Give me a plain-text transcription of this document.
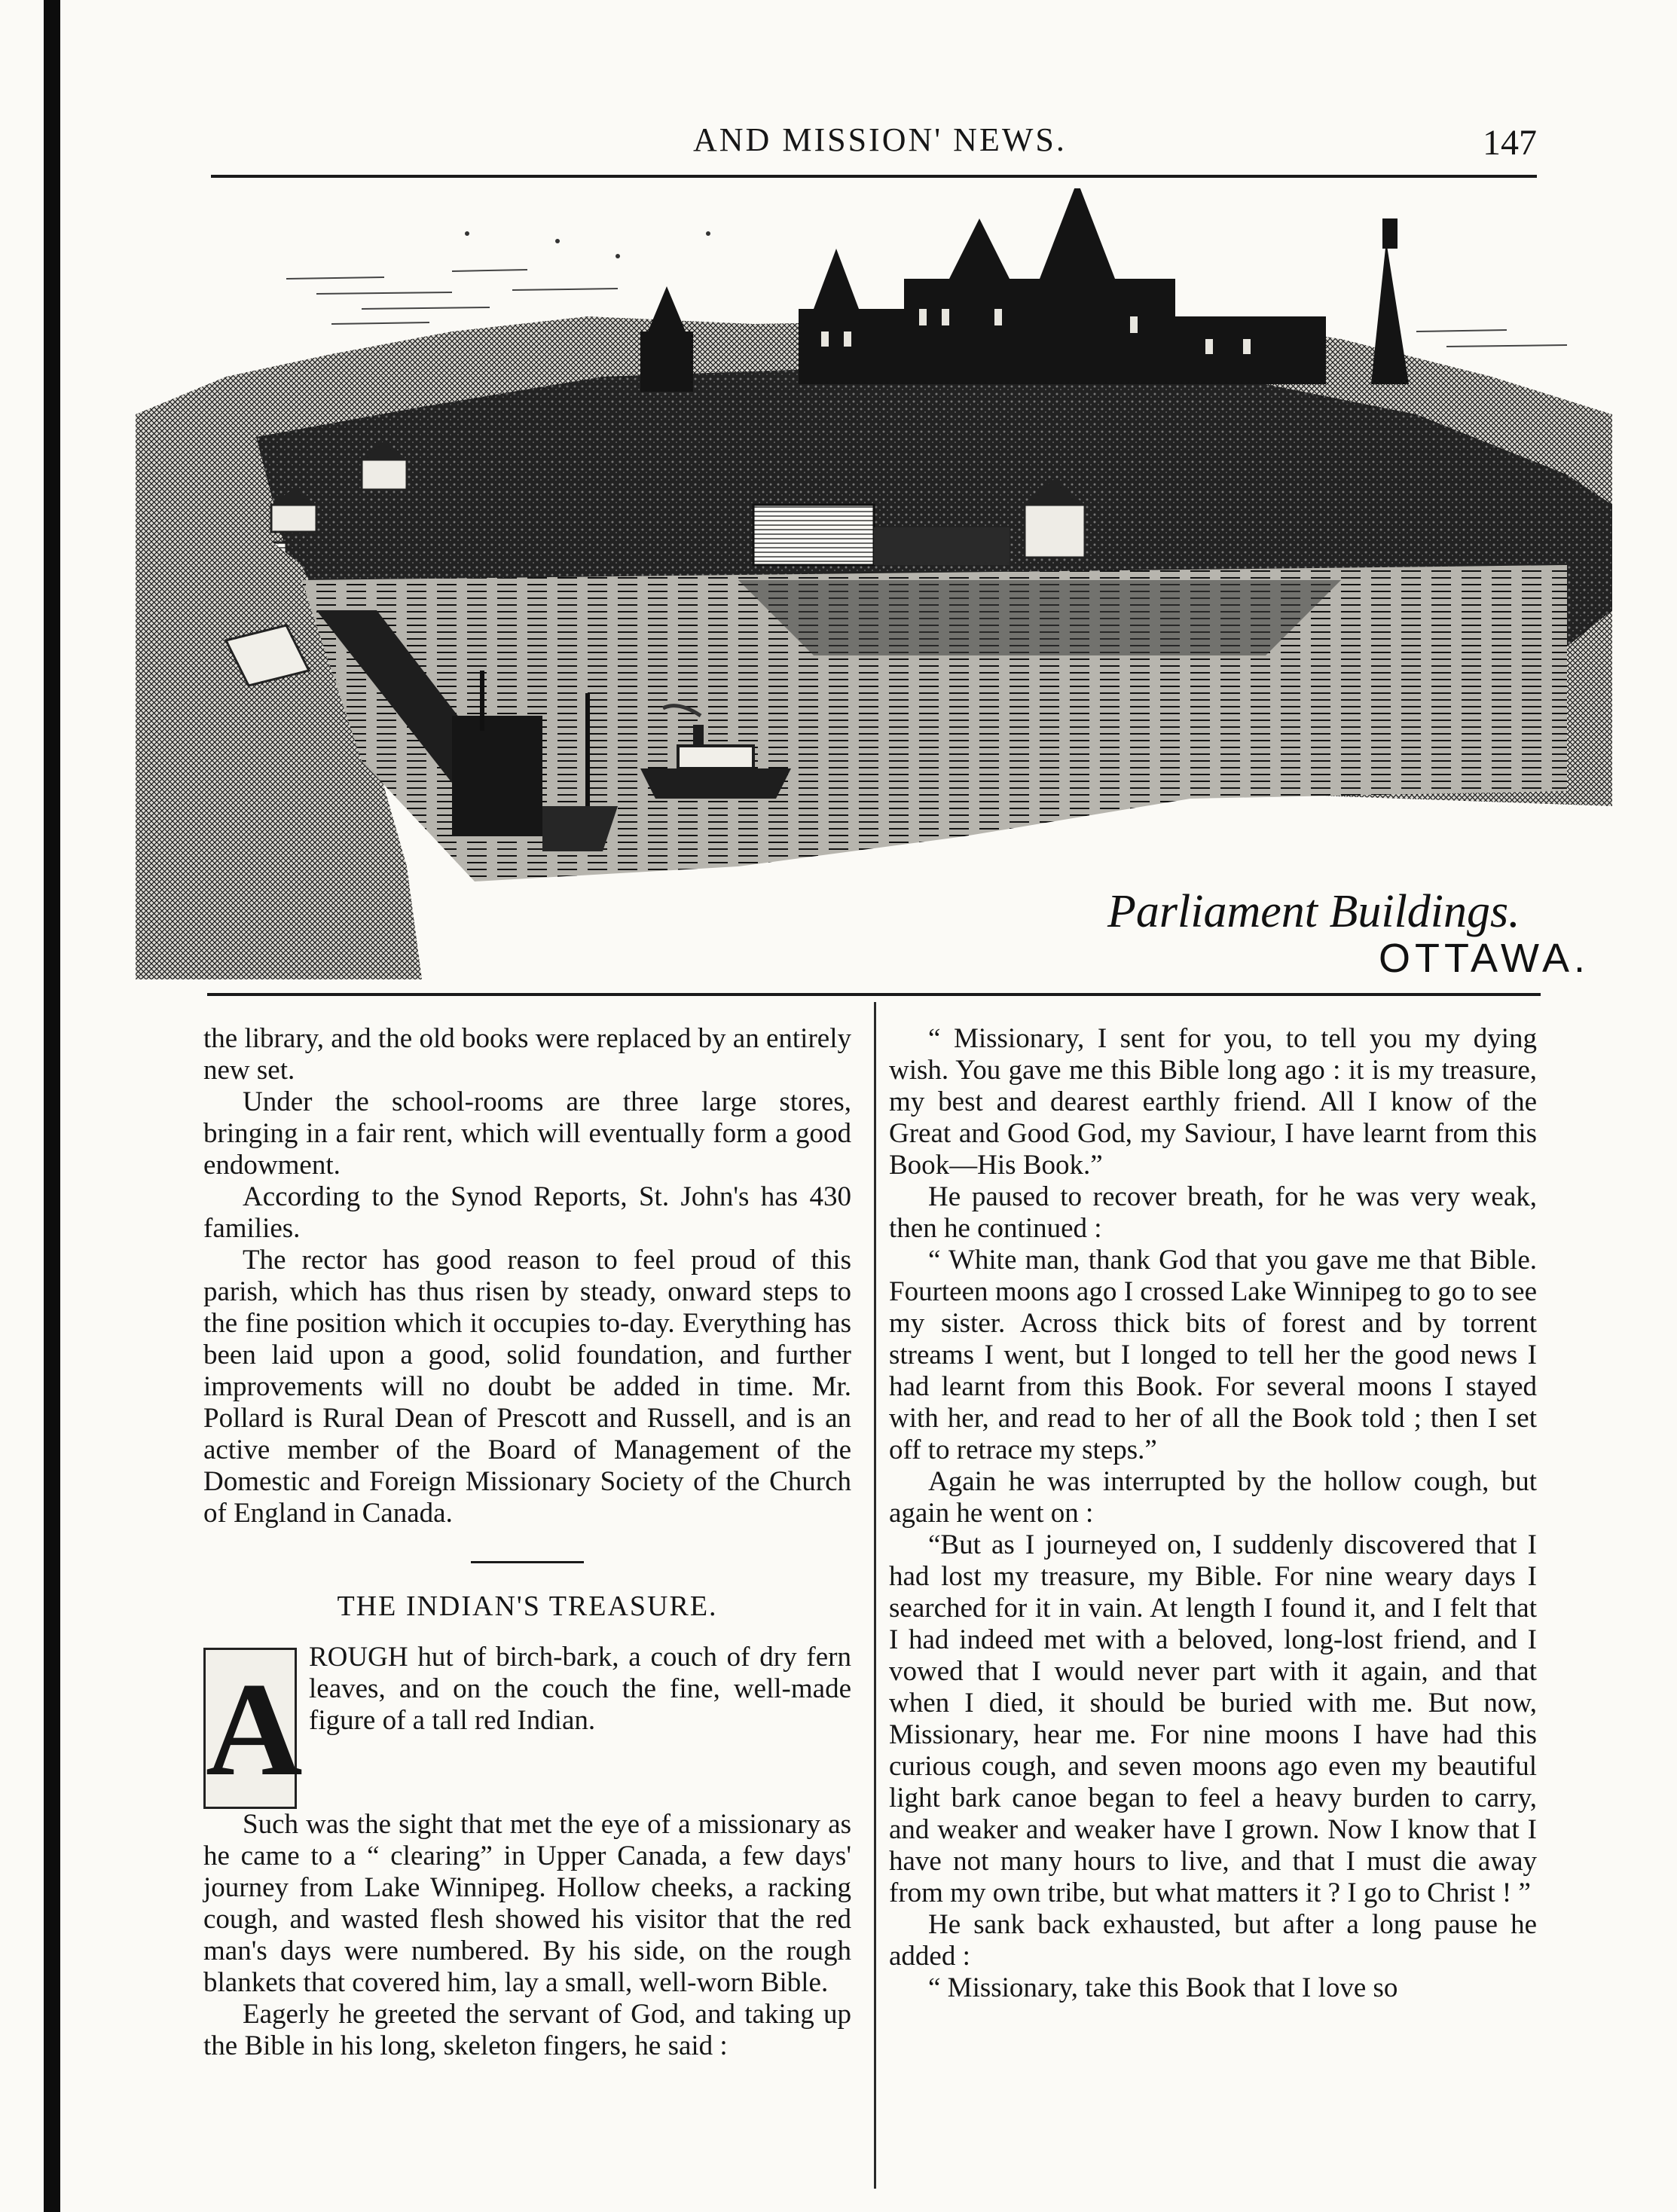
AND MISSION' NEWS.	147
Parliament Buildings.
OTTAWA.

the library, and the old books were replaced by an entirely new set.

Under the school-rooms are three large stores, bringing in a fair rent, which will eventually form a good endowment.

According to the Synod Reports, St. John's has 430 families.

The rector has good reason to feel proud of this parish, which has thus risen by steady, onward steps to the fine position which it occupies to-day. Everything has been laid upon a good, solid foundation, and further improvements will no doubt be added in time. Mr. Pollard is Rural Dean of Prescott and Russell, and is an active member of the Board of Management of the Domestic and Foreign Missionary Society of the Church of England in Canada.

THE INDIAN'S TREASURE.
A ROUGH hut of birch-bark, a couch of dry fern leaves, and on the couch the fine, well-made figure of a tall red Indian.

Such was the sight that met the eye of a missionary as he came to a “ clearing” in Upper Canada, a few days' journey from Lake Winnipeg. Hollow cheeks, a racking cough, and wasted flesh showed his visitor that the red man's days were numbered. By his side, on the rough blankets that covered him, lay a small, well-worn Bible.

Eagerly he greeted the servant of God, and taking up the Bible in his long, skeleton fingers, he said :

“ Missionary, I sent for you, to tell you my dying wish. You gave me this Bible long ago : it is my treasure, my best and dearest earthly friend. All I know of the Great and Good God, my Saviour, I have learnt from this Book—His Book.”

He paused to recover breath, for he was very weak, then he continued :

“ White man, thank God that you gave me that Bible. Fourteen moons ago I crossed Lake Winnipeg to go to see my sister. Across thick bits of forest and by torrent streams I went, but I longed to tell her the good news I had learnt from this Book. For several moons I stayed with her, and read to her of all the Book told ; then I set off to retrace my steps.”

Again he was interrupted by the hollow cough, but again he went on :

“But as I journeyed on, I suddenly discovered that I had lost my treasure, my Bible. For nine weary days I searched for it in vain. At length I found it, and I felt that I had indeed met with a beloved, long-lost friend, and I vowed that I would never part with it again, and that when I died, it should be buried with me. But now, Missionary, hear me. For nine moons I have had this curious cough, and seven moons ago even my beautiful light bark canoe began to feel a heavy burden to carry, and weaker and weaker have I grown. Now I know that I have not many hours to live, and that I must die away from my own tribe, but what matters it ? I go to Christ ! ”

He sank back exhausted, but after a long pause he added :

“ Missionary, take this Book that I love so
